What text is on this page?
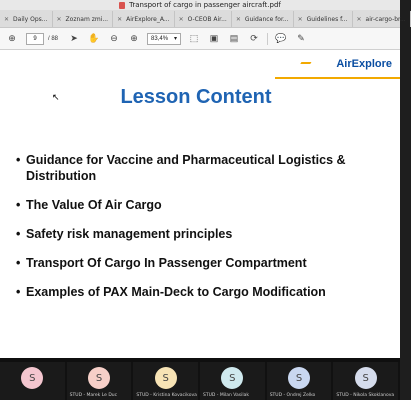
Transport of cargo in passenger aircraft.pdf
✕ Daily Ops... ✕ Zoznam zmi... ✕ AirExplore_A... ✕ O-CEOB Air... ✕ Guidance for... ✕ Guidelines f... ✕ air-cargo-br...
⊕	9	/ 88 ➤ ✋ ⊖ ⊕	83,4% ▾ ⬚ ▣ ▤ ⟳ 💬 ✎
AirExplore
↖	Lesson Content
• Guidance for Vaccine and Pharmaceutical Logistics & Distribution
• The Value Of Air Cargo
• Safety risk management principles
• Transport Of Cargo In Passenger Compartment
• Examples of PAX Main-Deck to Cargo Modification
S	S
STUD - Marek Le Duc
S
STUD - Kristina Kovacikova
S
STUD - Milan Vasilak
S
STUD - Ondrej Zelko
S
STUD - Nikola Skoklanova
